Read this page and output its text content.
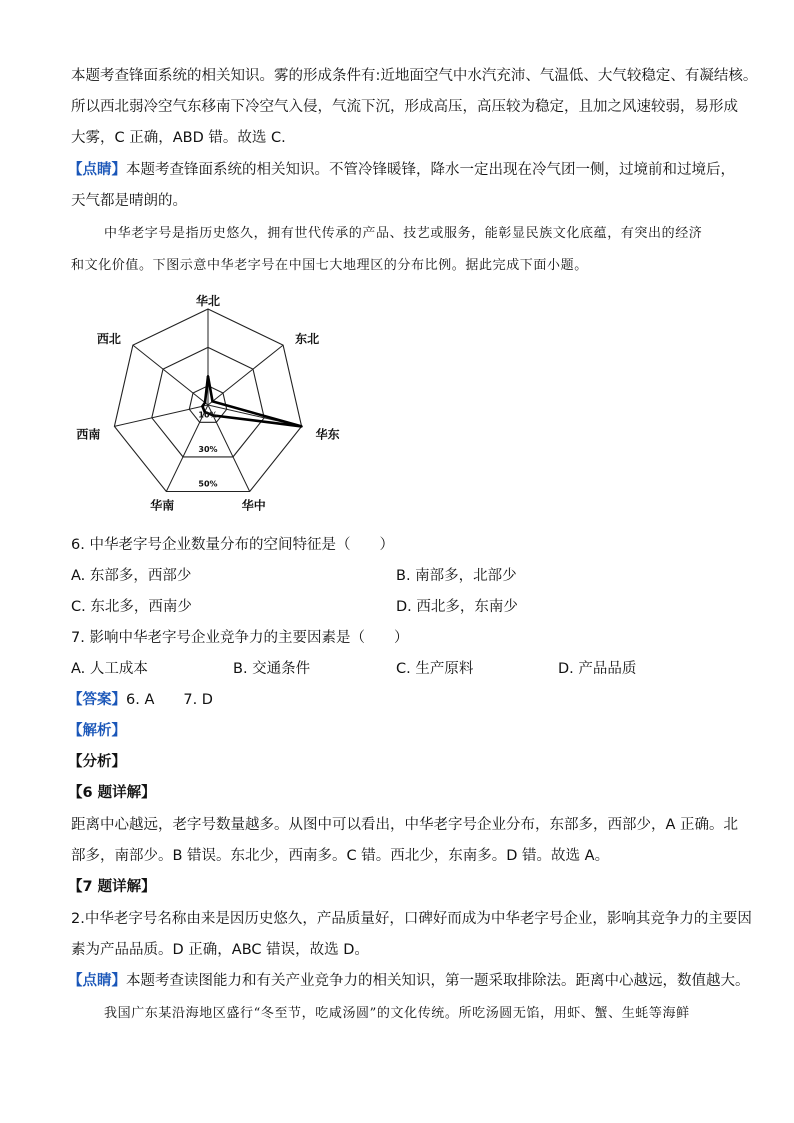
本题考查锋面系统的相关知识。雾的形成条件有:近地面空气中水汽充沛、气温低、大气较稳定、有凝结核。
所以西北弱冷空气东移南下冷空气入侵，气流下沉，形成高压，高压较为稳定，且加之风速较弱，易形成
大雾，C 正确，ABD 错。故选 C.
【点睛】本题考查锋面系统的相关知识。不管冷锋暖锋，降水一定出现在冷气团一侧，过境前和过境后，
天气都是晴朗的。
中华老字号是指历史悠久，拥有世代传承的产品、技艺或服务，能彰显民族文化底蕴，有突出的经济
和文化价值。下图示意中华老字号在中国七大地理区的分布比例。据此完成下面小题。
华北
东北
华东
华中
华南
西南
西北
10%
30%
50%
6. 中华老字号企业数量分布的空间特征是（　　）
A. 东部多，西部少	B. 南部多，北部少
C. 东北多，西南少	D. 西北多，东南少
7. 影响中华老字号企业竞争力的主要因素是（　　）
A. 人工成本	B. 交通条件	C. 生产原料	D. 产品品质
【答案】6. A　　7. D
【解析】
【分析】
【6 题详解】
距离中心越远，老字号数量越多。从图中可以看出，中华老字号企业分布，东部多，西部少，A 正确。北
部多，南部少。B 错误。东北少，西南多。C 错。西北少，东南多。D 错。故选 A。
【7 题详解】
2.中华老字号名称由来是因历史悠久，产品质量好，口碑好而成为中华老字号企业，影响其竞争力的主要因
素为产品品质。D 正确，ABC 错误，故选 D。
【点睛】本题考查读图能力和有关产业竞争力的相关知识，第一题采取排除法。距离中心越远，数值越大。
我国广东某沿海地区盛行“冬至节，吃咸汤圆”的文化传统。所吃汤圆无馅，用虾、蟹、生蚝等海鲜
